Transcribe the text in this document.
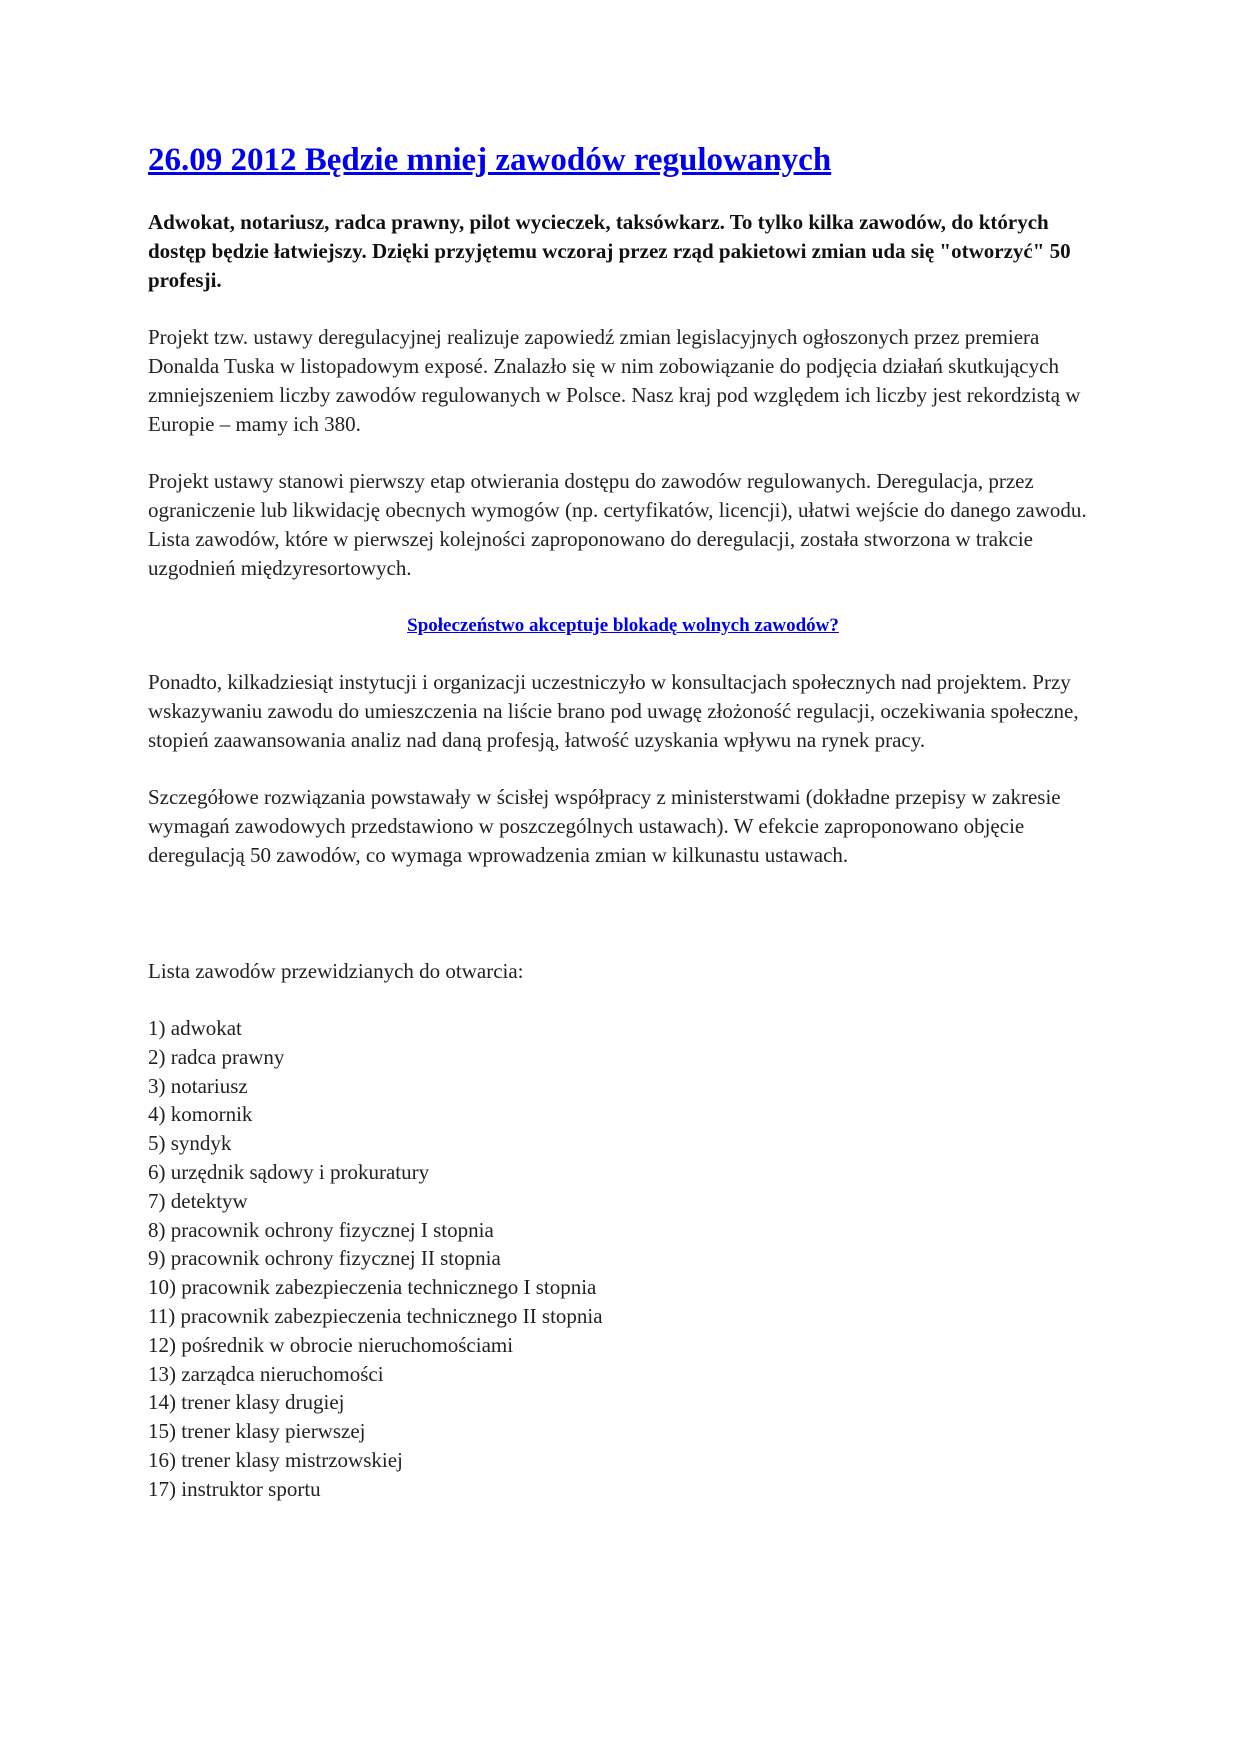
26.09 2012 Będzie mniej zawodów regulowanych
Adwokat, notariusz, radca prawny, pilot wycieczek, taksówkarz. To tylko kilka zawodów, do których dostęp będzie łatwiejszy. Dzięki przyjętemu wczoraj przez rząd pakietowi zmian uda się "otworzyć" 50 profesji.
Projekt tzw. ustawy deregulacyjnej realizuje zapowiedź zmian legislacyjnych ogłoszonych przez premiera Donalda Tuska w listopadowym exposé. Znalazło się w nim zobowiązanie do podjęcia działań skutkujących zmniejszeniem liczby zawodów regulowanych w Polsce. Nasz kraj pod względem ich liczby jest rekordzistą w Europie – mamy ich 380.
Projekt ustawy stanowi pierwszy etap otwierania dostępu do zawodów regulowanych. Deregulacja, przez ograniczenie lub likwidację obecnych wymogów (np. certyfikatów, licencji), ułatwi wejście do danego zawodu. Lista zawodów, które w pierwszej kolejności zaproponowano do deregulacji, została stworzona w trakcie uzgodnień międzyresortowych.
Społeczeństwo akceptuje blokadę wolnych zawodów?
Ponadto, kilkadziesiąt instytucji i organizacji uczestniczyło w konsultacjach społecznych nad projektem. Przy wskazywaniu zawodu do umieszczenia na liście brano pod uwagę złożoność regulacji, oczekiwania społeczne, stopień zaawansowania analiz nad daną profesją, łatwość uzyskania wpływu na rynek pracy.
Szczegółowe rozwiązania powstawały w ścisłej współpracy z ministerstwami (dokładne przepisy w zakresie wymagań zawodowych przedstawiono w poszczególnych ustawach). W efekcie zaproponowano objęcie deregulacją 50 zawodów, co wymaga wprowadzenia zmian w kilkunastu ustawach.
Lista zawodów przewidzianych do otwarcia:
1) adwokat
2) radca prawny
3) notariusz
4) komornik
5) syndyk
6) urzędnik sądowy i prokuratury
7) detektyw
8) pracownik ochrony fizycznej I stopnia
9) pracownik ochrony fizycznej II stopnia
10) pracownik zabezpieczenia technicznego I stopnia
11) pracownik zabezpieczenia technicznego II stopnia
12) pośrednik w obrocie nieruchomościami
13) zarządca nieruchomości
14) trener klasy drugiej
15) trener klasy pierwszej
16) trener klasy mistrzowskiej
17) instruktor sportu
